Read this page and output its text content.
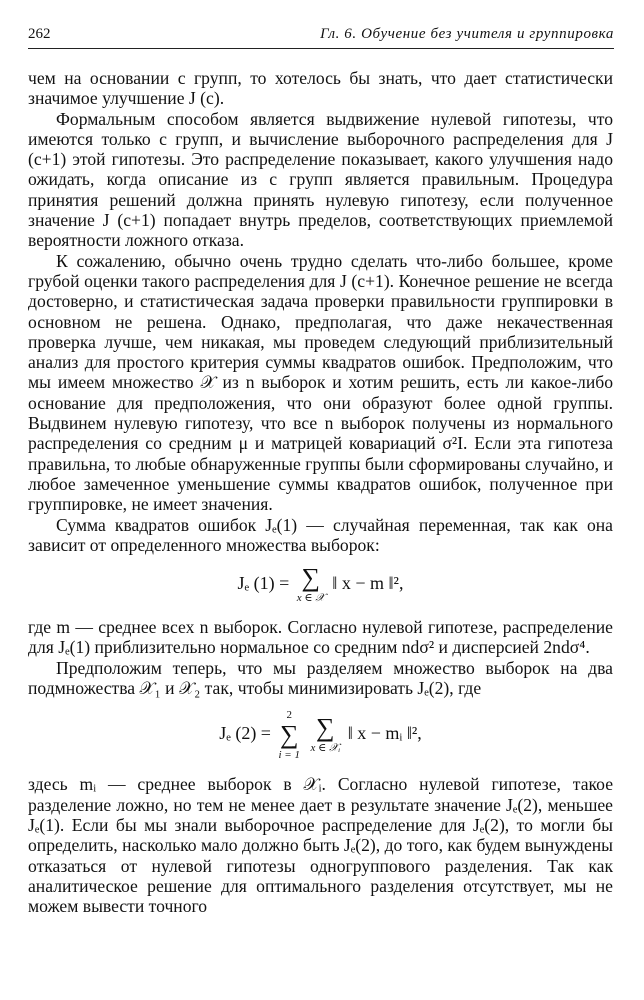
262	Гл. 6. Обучение без учителя и группировка

чем на основании c групп, то хотелось бы знать, что дает статистически значимое улучшение J (c).

Формальным способом является выдвижение нулевой гипотезы, что имеются только c групп, и вычисление выборочного распределения для J (c+1) этой гипотезы. Это распределение показывает, какого улучшения надо ожидать, когда описание из c групп является правильным. Процедура принятия решений должна принять нулевую гипотезу, если полученное значение J (c+1) попадает внутрь пределов, соответствующих приемлемой вероятности ложного отказа.

К сожалению, обычно очень трудно сделать что-либо большее, кроме грубой оценки такого распределения для J (c+1). Конечное решение не всегда достоверно, и статистическая задача проверки правильности группировки в основном не решена. Однако, предполагая, что даже некачественная проверка лучше, чем никакая, мы проведем следующий приблизительный анализ для простого критерия суммы квадратов ошибок. Предположим, что мы имеем множество 𝒳 из n выборок и хотим решить, есть ли какое-либо основание для предположения, что они образуют более одной группы. Выдвинем нулевую гипотезу, что все n выборок получены из нормального распределения со средним μ и матрицей ковариаций σ²I. Если эта гипотеза правильна, то любые обнаруженные группы были сформированы случайно, и любое замеченное уменьшение суммы квадратов ошибок, полученное при группировке, не имеет значения.

Сумма квадратов ошибок Jₑ(1) — случайная переменная, так как она зависит от определенного множества выборок:

Jₑ (1) = ∑
x ∈ 𝒳
‖ x − m ‖²,

где m — среднее всех n выборок. Согласно нулевой гипотезе, распределение для Jₑ(1) приблизительно нормальное со средним ndσ² и дисперсией 2ndσ⁴.

Предположим теперь, что мы разделяем множество выборок на два подмножества 𝒳₁ и 𝒳₂ так, чтобы минимизировать Jₑ(2), где

Jₑ (2) =
2
∑
i = 1

∑
x ∈ 𝒳ᵢ
‖ x − mᵢ ‖²,

здесь mᵢ — среднее выборок в 𝒳ᵢ. Согласно нулевой гипотезе, такое разделение ложно, но тем не менее дает в результате значение Jₑ(2), меньшее Jₑ(1). Если бы мы знали выборочное распределение для Jₑ(2), то могли бы определить, насколько мало должно быть Jₑ(2), до того, как будем вынуждены отказаться от нулевой гипотезы одногруппового разделения. Так как аналитическое решение для оптимального разделения отсутствует, мы не можем вывести точного
